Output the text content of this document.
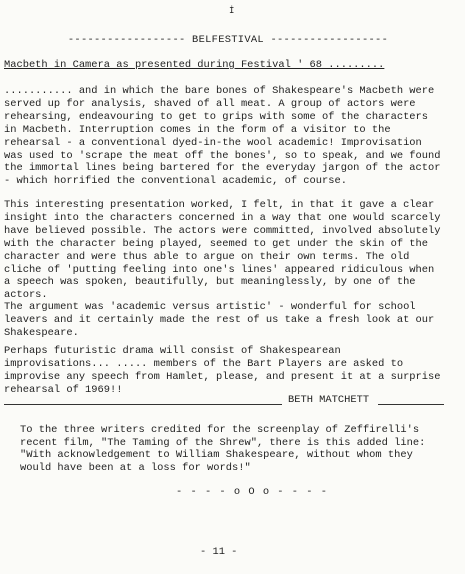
İ
------------------ BELFESTIVAL ------------------
Macbeth in Camera as presented during Festival ' 68 .........

........... and in which the bare bones of Shakespeare's Macbeth were served up for analysis, shaved of all meat. A group of actors were rehearsing, endeavouring to get to grips with some of the characters in Macbeth. Interruption comes in the form of a visitor to the rehearsal - a conventional dyed-in-the wool academic! Improvisation was used to 'scrape the meat off the bones', so to speak, and we found the immortal lines being bartered for the everyday jargon of the actor - which horrified the conventional academic, of course.

This interesting presentation worked, I felt, in that it gave a clear insight into the characters concerned in a way that one would scarcely have believed possible. The actors were committed, involved absolutely with the character being played, seemed to get under the skin of the character and were thus able to argue on their own terms. The old cliche of 'putting feeling into one's lines' appeared ridiculous when a speech was spoken, beautifully, but meaninglessly, by one of the actors.

The argument was 'academic versus artistic' - wonderful for school leavers and it certainly made the rest of us take a fresh look at our Shakespeare.

Perhaps futuristic drama will consist of Shakespearean improvisations... ..... members of the Bart Players are asked to improvise any speech from Hamlet, please, and present it at a surprise rehearsal of 1969!!

BETH MATCHETT

To the three writers credited for the screenplay of Zeffirelli's recent film, "The Taming of the Shrew", there is this added line: "With acknowledgement to William Shakespeare, without whom they would have been at a loss for words!"

- - - - o O o - - - -
- 11 -
